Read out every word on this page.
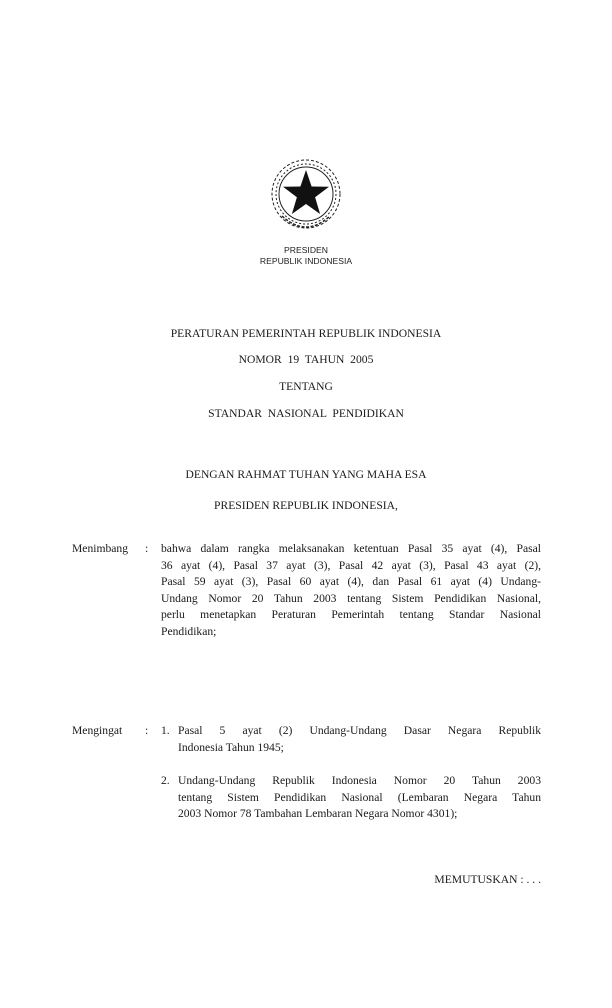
PRESIDEN
REPUBLIK INDONESIA
PERATURAN PEMERINTAH REPUBLIK INDONESIA
NOMOR  19  TAHUN  2005
TENTANG
STANDAR  NASIONAL  PENDIDIKAN
DENGAN RAHMAT TUHAN YANG MAHA ESA
PRESIDEN REPUBLIK INDONESIA,
Menimbang : bahwa dalam rangka melaksanakan ketentuan Pasal 35 ayat (4), Pasal
36 ayat (4), Pasal 37 ayat (3), Pasal 42 ayat (3), Pasal 43 ayat (2),
Pasal 59 ayat (3), Pasal 60 ayat (4), dan Pasal 61 ayat (4) Undang-
Undang Nomor 20 Tahun 2003 tentang Sistem Pendidikan Nasional,
perlu menetapkan Peraturan Pemerintah tentang Standar Nasional
Pendidikan;
Mengingat : 1. Pasal 5 ayat (2) Undang-Undang Dasar Negara Republik
Indonesia Tahun 1945;
2. Undang-Undang Republik Indonesia Nomor 20 Tahun 2003
tentang Sistem Pendidikan Nasional (Lembaran Negara Tahun
2003 Nomor 78 Tambahan Lembaran Negara Nomor 4301);
MEMUTUSKAN : . . .
